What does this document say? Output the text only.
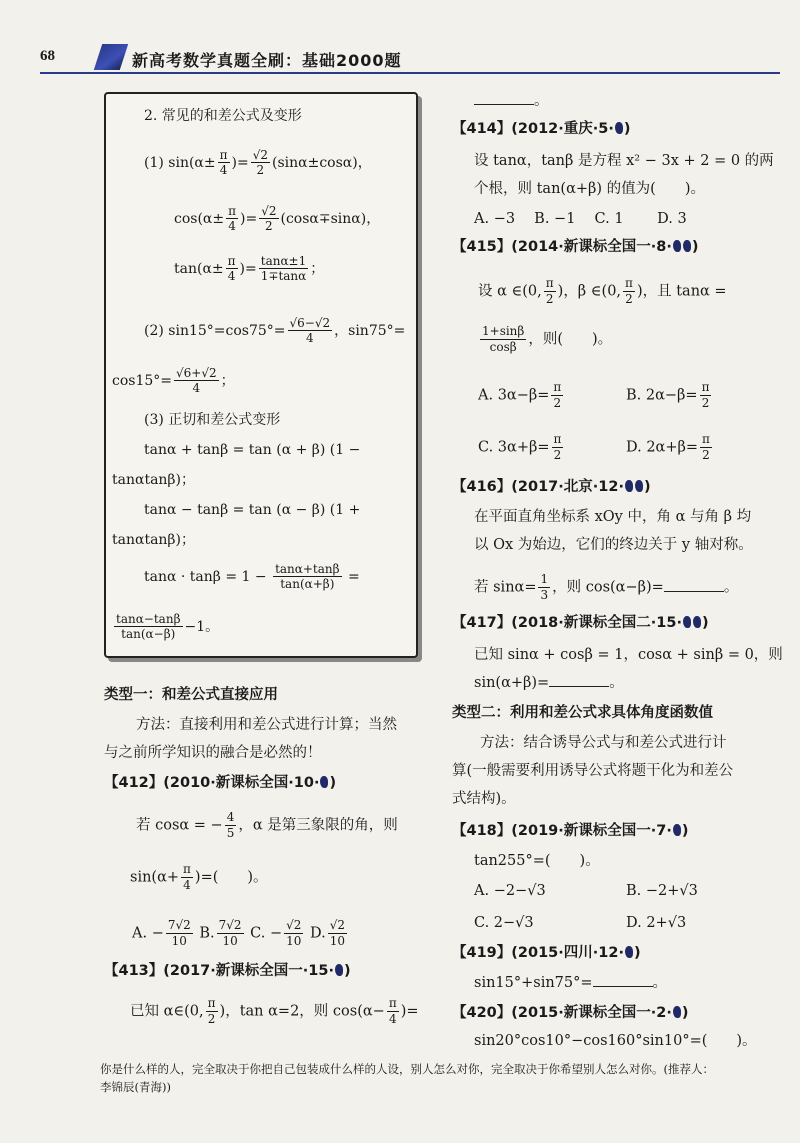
68	新高考数学真题全刷：基础2000题
2. 常见的和差公式及变形
(1) $\sin(\alpha\pm \frac{\pi}{4}$ )= $\frac{√2}{2} (\sin\alpha\pm\cos\alpha)$，
$\cos(\alpha\pm \frac{\pi}{4}$ )= $\frac{√2}{2} (\cos\alpha\mp\sin\alpha)$，
$\tan(\alpha\pm \frac{\pi}{4}$ )= $\frac{\tan\alpha\pm 1}{1\mp\tan\alpha}$ ；
(2) $\sin 15^\circ=\cos 75^\circ= \frac{√6-√2}{4}$ ，sin75°=
$\cos 15^\circ= \frac{√6+√2}{4}$ ；
(3) 正切和差公式变形
tanα + tanβ = tan (α + β) (1 −
tanαtanβ)；
tanα − tanβ = tan (α − β) (1 +
tanαtanβ)；
$\tan\alpha \cdot \tan\beta = 1 - \frac{\tan\alpha+\tan\beta}{\tan(\alpha+\beta)}$ =
$\frac{\tan\alpha-\tan\beta}{\tan(\alpha-\beta)} -1$。
类型一：和差公式直接应用
方法：直接利用和差公式进行计算；当然
与之前所学知识的融合是必然的！
【412】(2010·新课标全国·10· )
若 cosα = − $\frac{4}{5}$ ，α 是第三象限的角，则
$\sin(\alpha+ \frac{\pi}{4}$ )=(　　)。
A. − $\frac{7√2}{10} B$. $\frac{7√2}{10} C$. − $\frac{√2}{10} D$. $\frac{√2}{10}$
【413】(2017·新课标全国一·15· )
已知 α∈(0, $\frac{\pi}{2}$ )，tan α=2，则 $\cos(\alpha- \frac{\pi}{4}$ )=
。
【414】(2012·重庆·5· )
设 tanα，tanβ 是方程 x² − 3x + 2 = 0 的两
个根，则 tan(α+β) 的值为(　　)。
A. −3　 B. −1　 C. 1　　 D. 3
【415】(2014·新课标全国一·8· )
设 α ∈(0, $\frac{\pi}{2}$ )，β ∈(0, $\frac{\pi}{2}$ )，且 tanα =
$\frac{1+\sin\beta}{\cos\beta}$ ，则(　　)。
A. $3\alpha-\beta= \frac{\pi}{2}$	B. $2\alpha-\beta= \frac{\pi}{2}$
C. $3\alpha+\beta= \frac{\pi}{2}$	D. $2\alpha+\beta= \frac{\pi}{2}$
【416】(2017·北京·12· )
在平面直角坐标系 xOy 中，角 α 与角 β 均
以 Ox 为始边，它们的终边关于 y 轴对称。
若 $\sin\alpha= \frac{1}{3}$ ，则 cos(α−β)=	。
【417】(2018·新课标全国二·15· )
已知 sinα + cosβ = 1，cosα + sinβ = 0，则
sin(α+β)=	。
类型二：利用和差公式求具体角度函数值
方法：结合诱导公式与和差公式进行计
算(一般需要利用诱导公式将题干化为和差公
式结构)。
【418】(2019·新课标全国一·7· )
tan255°=(　　)。
A. −2−√3	B. −2+√3
C. 2−√3	D. 2+√3
【419】(2015·四川·12· )
sin15°+sin75°=	。
【420】(2015·新课标全国一·2· )
sin20°cos10°−cos160°sin10°=(　　)。
你是什么样的人，完全取决于你把自己包装成什么样的人设，别人怎么对你，完全取决于你希望别人怎么对你。(推荐人：
李锦辰(青海))
